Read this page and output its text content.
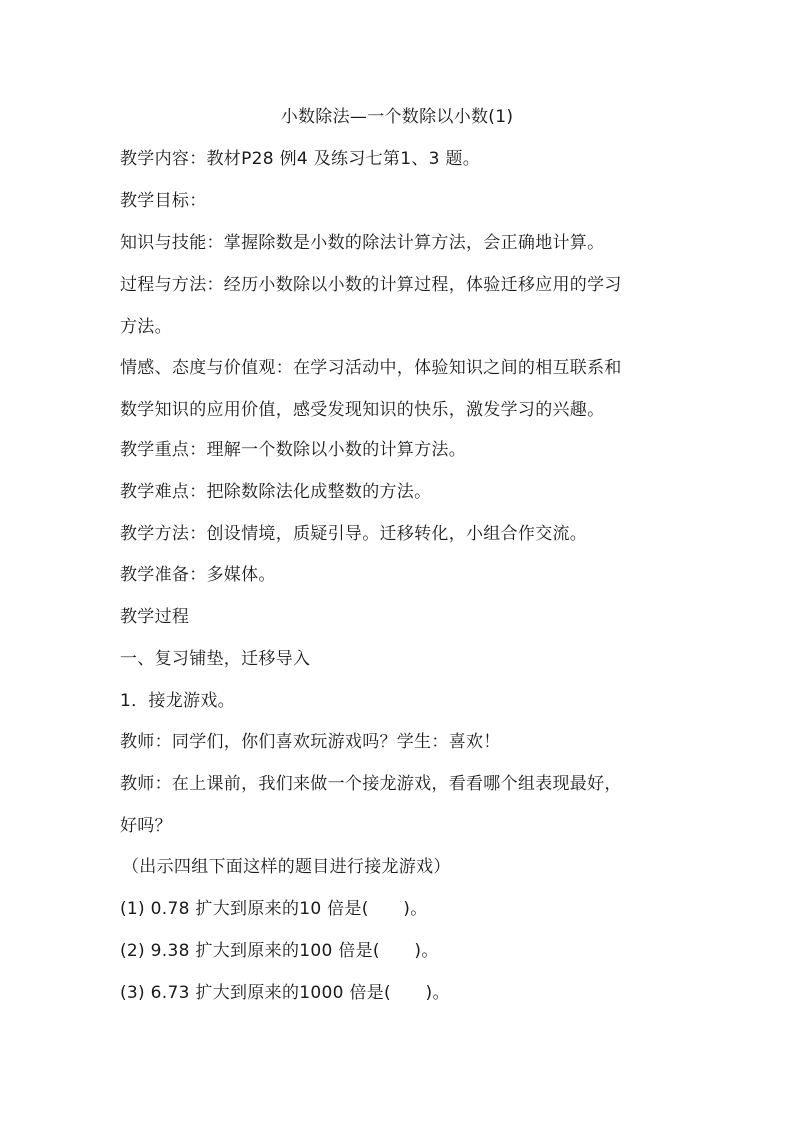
小数除法—一个数除以小数(1)
教学内容：教材P28 例4 及练习七第1、3 题。
教学目标：
知识与技能：掌握除数是小数的除法计算方法，会正确地计算。
过程与方法：经历小数除以小数的计算过程，体验迁移应用的学习
方法。
情感、态度与价值观：在学习活动中，体验知识之间的相互联系和
数学知识的应用价值，感受发现知识的快乐，激发学习的兴趣。
教学重点：理解一个数除以小数的计算方法。
教学难点：把除数除法化成整数的方法。
教学方法：创设情境，质疑引导。迁移转化，小组合作交流。
教学准备：多媒体。
教学过程
一、复习铺垫，迁移导入
1．接龙游戏。
教师：同学们，你们喜欢玩游戏吗？学生：喜欢！
教师：在上课前，我们来做一个接龙游戏，看看哪个组表现最好，
好吗？
（出示四组下面这样的题目进行接龙游戏）
(1) 0.78 扩大到原来的10 倍是(　　)。
(2) 9.38 扩大到原来的100 倍是(　　)。
(3) 6.73 扩大到原来的1000 倍是(　　)。
